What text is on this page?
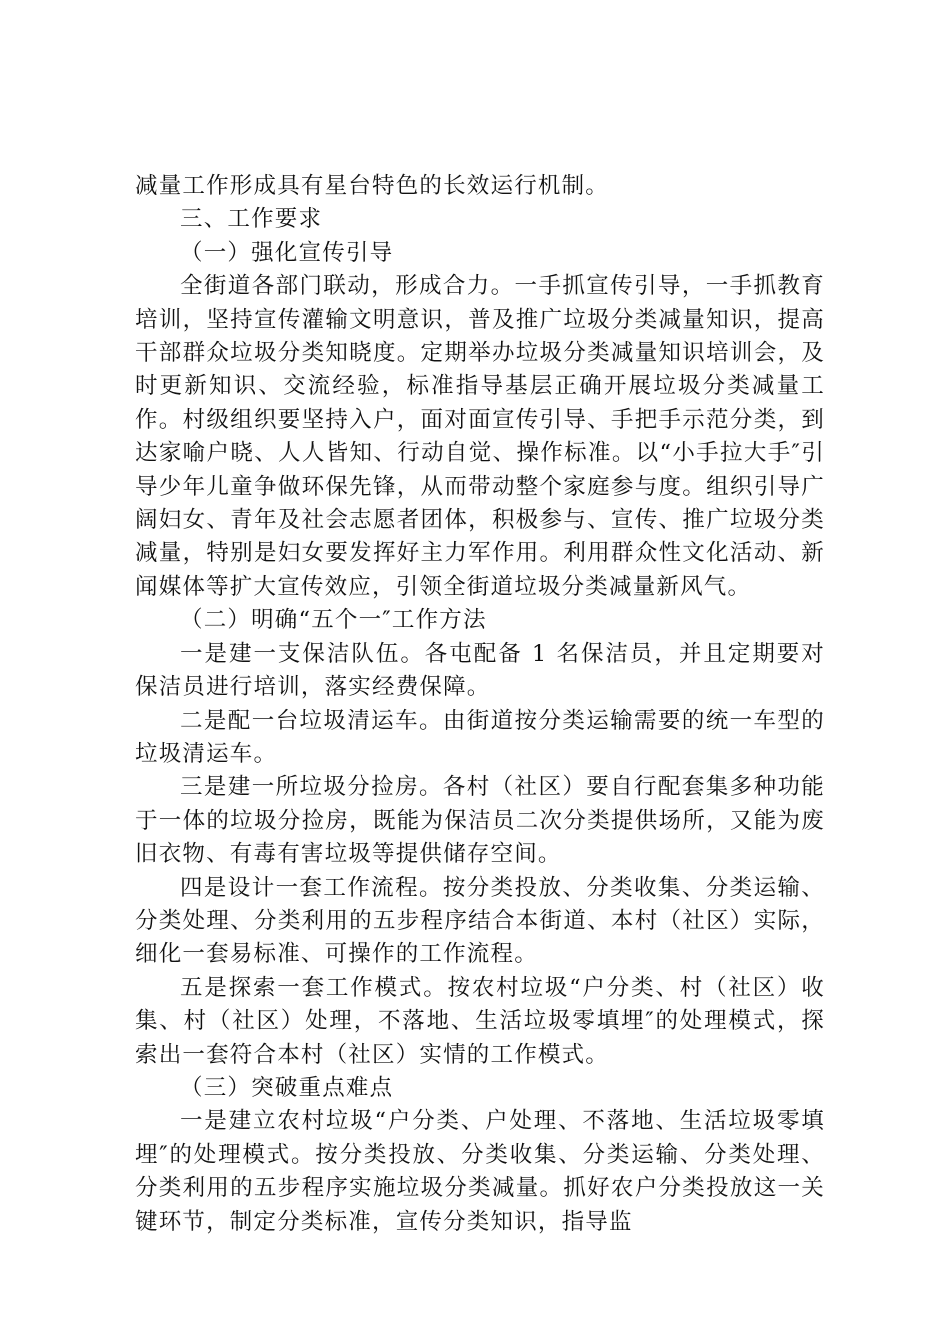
减量工作形成具有星台特色的长效运行机制。

三、工作要求

（一）强化宣传引导

全街道各部门联动，形成合力。一手抓宣传引导，一手抓教育培训，坚持宣传灌输文明意识，普及推广垃圾分类减量知识，提高干部群众垃圾分类知晓度。定期举办垃圾分类减量知识培训会，及时更新知识、交流经验，标准指导基层正确开展垃圾分类减量工作。村级组织要坚持入户，面对面宣传引导、手把手示范分类，到达家喻户晓、人人皆知、行动自觉、操作标准。以“小手拉大手″引导少年儿童争做环保先锋，从而带动整个家庭参与度。组织引导广阔妇女、青年及社会志愿者团体，积极参与、宣传、推广垃圾分类减量，特别是妇女要发挥好主力军作用。利用群众性文化活动、新闻媒体等扩大宣传效应，引领全街道垃圾分类减量新风气。

（二）明确“五个一″工作方法

一是建一支保洁队伍。各屯配备 1 名保洁员，并且定期要对保洁员进行培训，落实经费保障。

二是配一台垃圾清运车。由街道按分类运输需要的统一车型的垃圾清运车。

三是建一所垃圾分捡房。各村（社区）要自行配套集多种功能于一体的垃圾分捡房，既能为保洁员二次分类提供场所，又能为废旧衣物、有毒有害垃圾等提供储存空间。

四是设计一套工作流程。按分类投放、分类收集、分类运输、分类处理、分类利用的五步程序结合本街道、本村（社区）实际，细化一套易标准、可操作的工作流程。

五是探索一套工作模式。按农村垃圾“户分类、村（社区）收集、村（社区）处理，不落地、生活垃圾零填埋″的处理模式，探索出一套符合本村（社区）实情的工作模式。

（三）突破重点难点

一是建立农村垃圾“户分类、户处理、不落地、生活垃圾零填埋″的处理模式。按分类投放、分类收集、分类运输、分类处理、分类利用的五步程序实施垃圾分类减量。抓好农户分类投放这一关键环节，制定分类标准，宣传分类知识，指导监
